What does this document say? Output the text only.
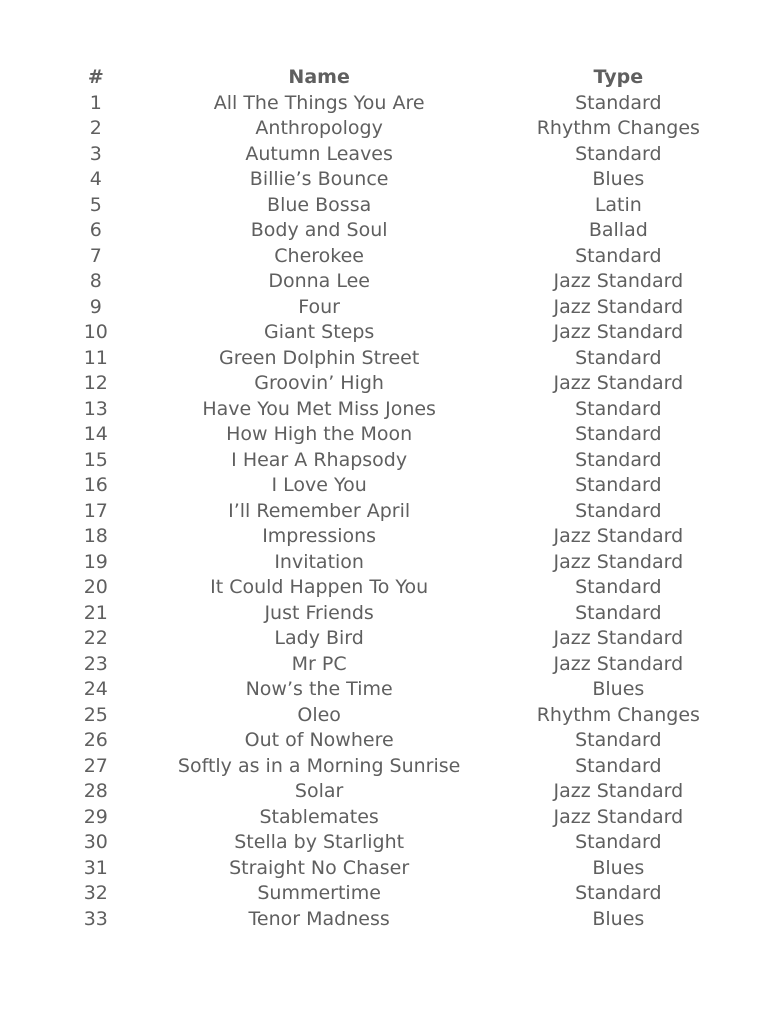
#	Name	Type
1	All The Things You Are	Standard
2	Anthropology	Rhythm Changes
3	Autumn Leaves	Standard
4	Billie’s Bounce	Blues
5	Blue Bossa	Latin
6	Body and Soul	Ballad
7	Cherokee	Standard
8	Donna Lee	Jazz Standard
9	Four	Jazz Standard
10	Giant Steps	Jazz Standard
11	Green Dolphin Street	Standard
12	Groovin’ High	Jazz Standard
13	Have You Met Miss Jones	Standard
14	How High the Moon	Standard
15	I Hear A Rhapsody	Standard
16	I Love You	Standard
17	I’ll Remember April	Standard
18	Impressions	Jazz Standard
19	Invitation	Jazz Standard
20	It Could Happen To You	Standard
21	Just Friends	Standard
22	Lady Bird	Jazz Standard
23	Mr PC	Jazz Standard
24	Now’s the Time	Blues
25	Oleo	Rhythm Changes
26	Out of Nowhere	Standard
27	Softly as in a Morning Sunrise	Standard
28	Solar	Jazz Standard
29	Stablemates	Jazz Standard
30	Stella by Starlight	Standard
31	Straight No Chaser	Blues
32	Summertime	Standard
33	Tenor Madness	Blues
